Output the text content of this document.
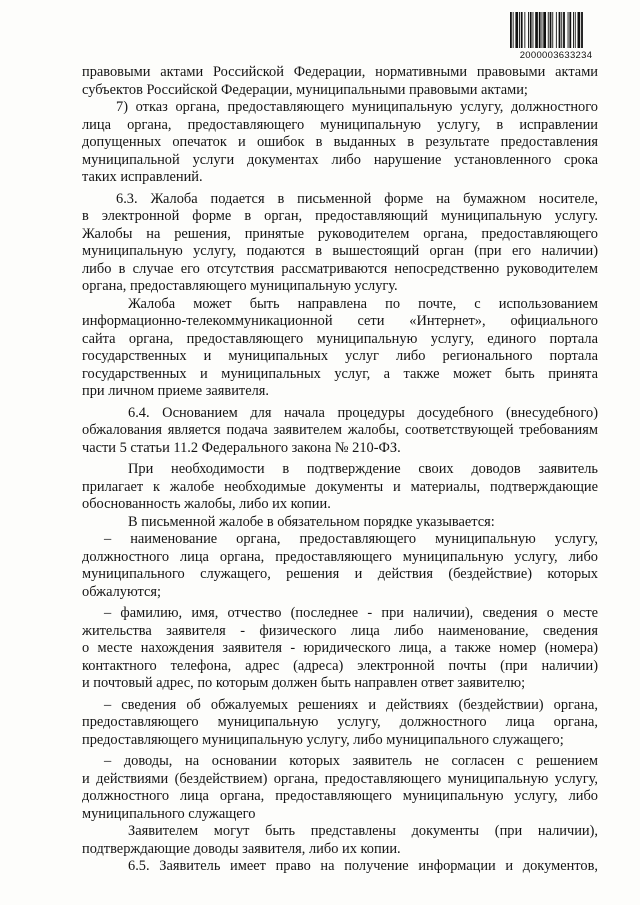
2000003633234
правовыми актами Российской Федерации, нормативными правовыми актами
субъектов Российской Федерации, муниципальными правовыми актами;
7) отказ органа, предоставляющего муниципальную услугу, должностного
лица органа, предоставляющего муниципальную услугу, в исправлении
допущенных опечаток и ошибок в выданных в результате предоставления
муниципальной услуги документах либо нарушение установленного срока
таких исправлений.
6.3. Жалоба подается в письменной форме на бумажном носителе,
в электронной форме в орган, предоставляющий муниципальную услугу.
Жалобы на решения, принятые руководителем органа, предоставляющего
муниципальную услугу, подаются в вышестоящий орган (при его наличии)
либо в случае его отсутствия рассматриваются непосредственно руководителем
органа, предоставляющего муниципальную услугу.
Жалоба может быть направлена по почте, с использованием
информационно-телекоммуникационной сети «Интернет», официального
сайта органа, предоставляющего муниципальную услугу, единого портала
государственных и муниципальных услуг либо регионального портала
государственных и муниципальных услуг, а также может быть принята
при личном приеме заявителя.
6.4. Основанием для начала процедуры досудебного (внесудебного)
обжалования является подача заявителем жалобы, соответствующей требованиям
части 5 статьи 11.2 Федерального закона № 210-ФЗ.
При необходимости в подтверждение своих доводов заявитель
прилагает к жалобе необходимые документы и материалы, подтверждающие
обоснованность жалобы, либо их копии.
В письменной жалобе в обязательном порядке указывается:
– наименование органа, предоставляющего муниципальную услугу,
должностного лица органа, предоставляющего муниципальную услугу, либо
муниципального служащего, решения и действия (бездействие) которых
обжалуются;
– фамилию, имя, отчество (последнее - при наличии), сведения о месте
жительства заявителя - физического лица либо наименование, сведения
о месте нахождения заявителя - юридического лица, а также номер (номера)
контактного телефона, адрес (адреса) электронной почты (при наличии)
и почтовый адрес, по которым должен быть направлен ответ заявителю;
– сведения об обжалуемых решениях и действиях (бездействии) органа,
предоставляющего муниципальную услугу, должностного лица органа,
предоставляющего муниципальную услугу, либо муниципального служащего;
– доводы, на основании которых заявитель не согласен с решением
и действиями (бездействием) органа, предоставляющего муниципальную услугу,
должностного лица органа, предоставляющего муниципальную услугу, либо
муниципального служащего
Заявителем могут быть представлены документы (при наличии),
подтверждающие доводы заявителя, либо их копии.
6.5. Заявитель имеет право на получение информации и документов,
